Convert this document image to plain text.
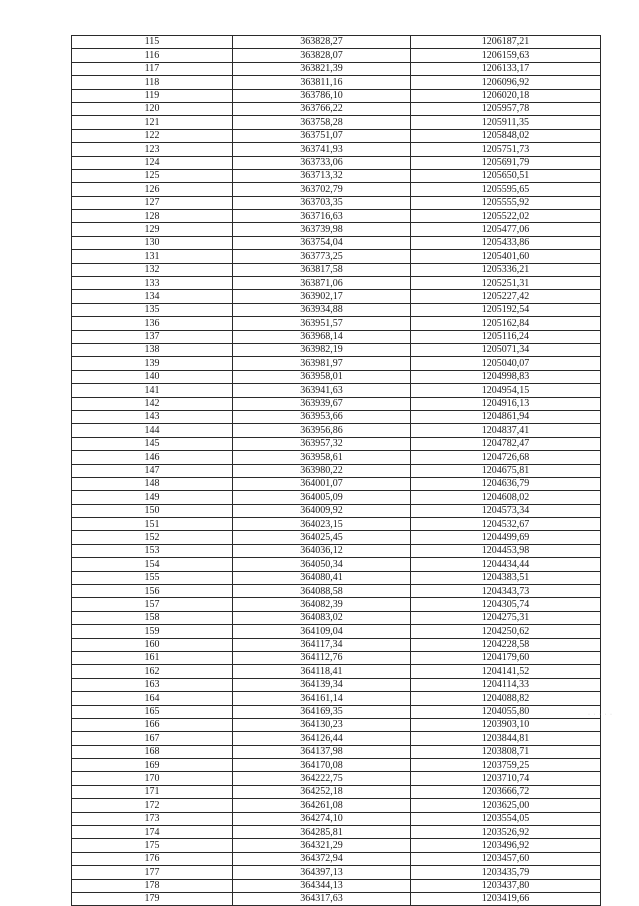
115	363828,27	1206187,21
116	363828,07	1206159,63
117	363821,39	1206133,17
118	363811,16	1206096,92
119	363786,10	1206020,18
120	363766,22	1205957,78
121	363758,28	1205911,35
122	363751,07	1205848,02
123	363741,93	1205751,73
124	363733,06	1205691,79
125	363713,32	1205650,51
126	363702,79	1205595,65
127	363703,35	1205555,92
128	363716,63	1205522,02
129	363739,98	1205477,06
130	363754,04	1205433,86
131	363773,25	1205401,60
132	363817,58	1205336,21
133	363871,06	1205251,31
134	363902,17	1205227,42
135	363934,88	1205192,54
136	363951,57	1205162,84
137	363968,14	1205116,24
138	363982,19	1205071,34
139	363981,97	1205040,07
140	363958,01	1204998,83
141	363941,63	1204954,15
142	363939,67	1204916,13
143	363953,66	1204861,94
144	363956,86	1204837,41
145	363957,32	1204782,47
146	363958,61	1204726,68
147	363980,22	1204675,81
148	364001,07	1204636,79
149	364005,09	1204608,02
150	364009,92	1204573,34
151	364023,15	1204532,67
152	364025,45	1204499,69
153	364036,12	1204453,98
154	364050,34	1204434,44
155	364080,41	1204383,51
156	364088,58	1204343,73
157	364082,39	1204305,74
158	364083,02	1204275,31
159	364109,04	1204250,62
160	364117,34	1204228,58
161	364112,76	1204179,60
162	364118,41	1204141,52
163	364139,34	1204114,33
164	364161,14	1204088,82
165	364169,35	1204055,80
166	364130,23	1203903,10
167	364126,44	1203844,81
168	364137,98	1203808,71
169	364170,08	1203759,25
170	364222,75	1203710,74
171	364252,18	1203666,72
172	364261,08	1203625,00
173	364274,10	1203554,05
174	364285,81	1203526,92
175	364321,29	1203496,92
176	364372,94	1203457,60
177	364397,13	1203435,79
178	364344,13	1203437,80
179	364317,63	1203419,66
· · · · ·
